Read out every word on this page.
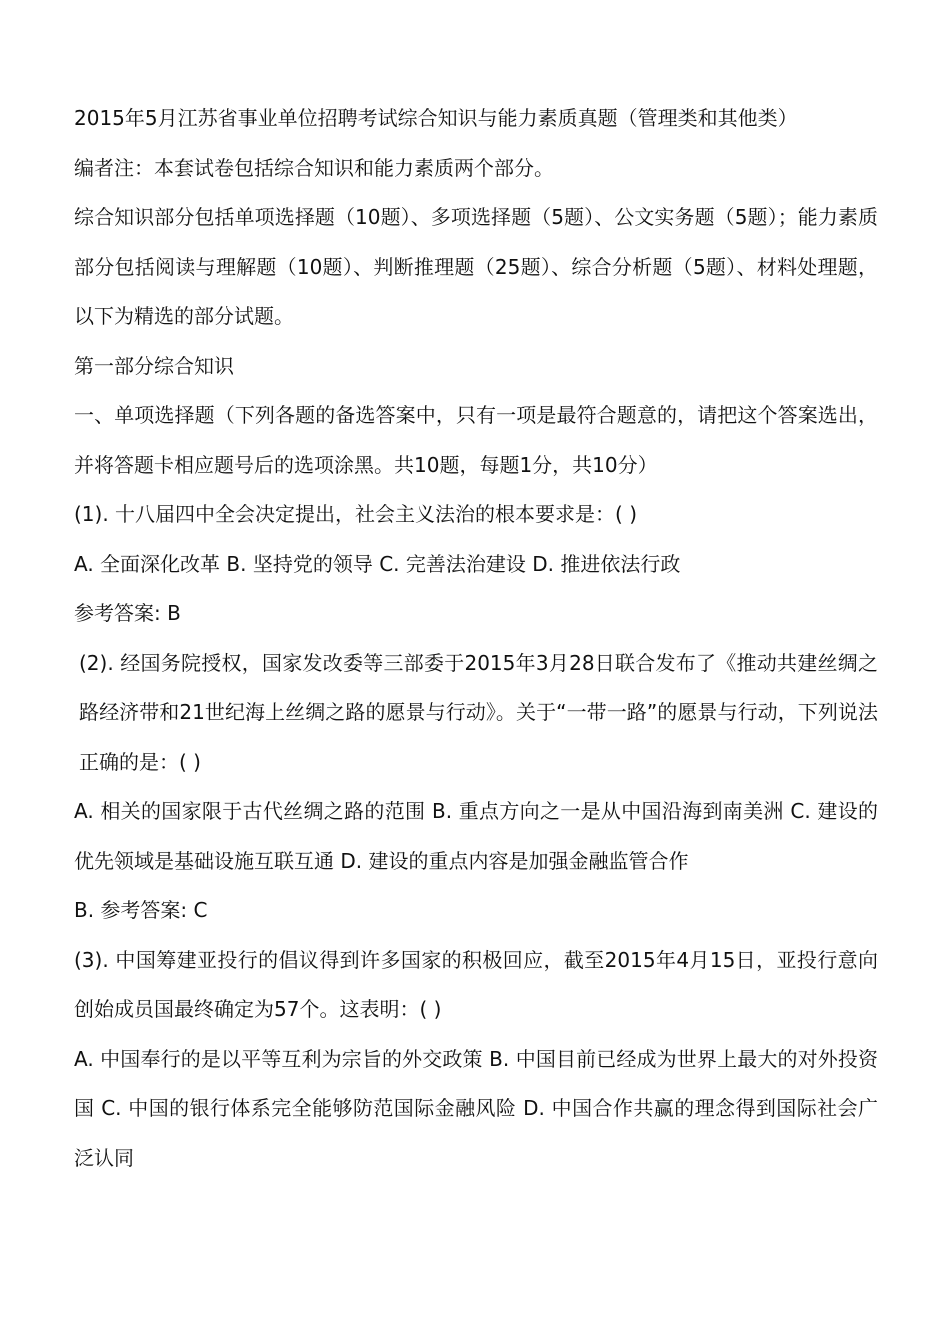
2015年5月江苏省事业单位招聘考试综合知识与能力素质真题（管理类和其他类）

编者注：本套试卷包括综合知识和能力素质两个部分。

综合知识部分包括单项选择题（10题）、多项选择题（5题）、公文实务题（5题）；能力素质部分包括阅读与理解题（10题）、判断推理题（25题）、综合分析题（5题）、材料处理题，以下为精选的部分试题。

第一部分综合知识

一、单项选择题（下列各题的备选答案中，只有一项是最符合题意的，请把这个答案选出，并将答题卡相应题号后的选项涂黑。共10题，每题1分，共10分）

(1). 十八届四中全会决定提出，社会主义法治的根本要求是：( )

A. 全面深化改革 B. 坚持党的领导 C. 完善法治建设 D. 推进依法行政

参考答案: B

(2). 经国务院授权，国家发改委等三部委于2015年3月28日联合发布了《推动共建丝绸之路经济带和21世纪海上丝绸之路的愿景与行动》。关于“一带一路”的愿景与行动，下列说法正确的是：( )

A. 相关的国家限于古代丝绸之路的范围 B. 重点方向之一是从中国沿海到南美洲 C. 建设的优先领域是基础设施互联互通 D. 建设的重点内容是加强金融监管合作

B. 参考答案: C

(3). 中国筹建亚投行的倡议得到许多国家的积极回应，截至2015年4月15日，亚投行意向创始成员国最终确定为57个。这表明：( )

A. 中国奉行的是以平等互利为宗旨的外交政策 B. 中国目前已经成为世界上最大的对外投资国 C. 中国的银行体系完全能够防范国际金融风险 D. 中国合作共赢的理念得到国际社会广泛认同
